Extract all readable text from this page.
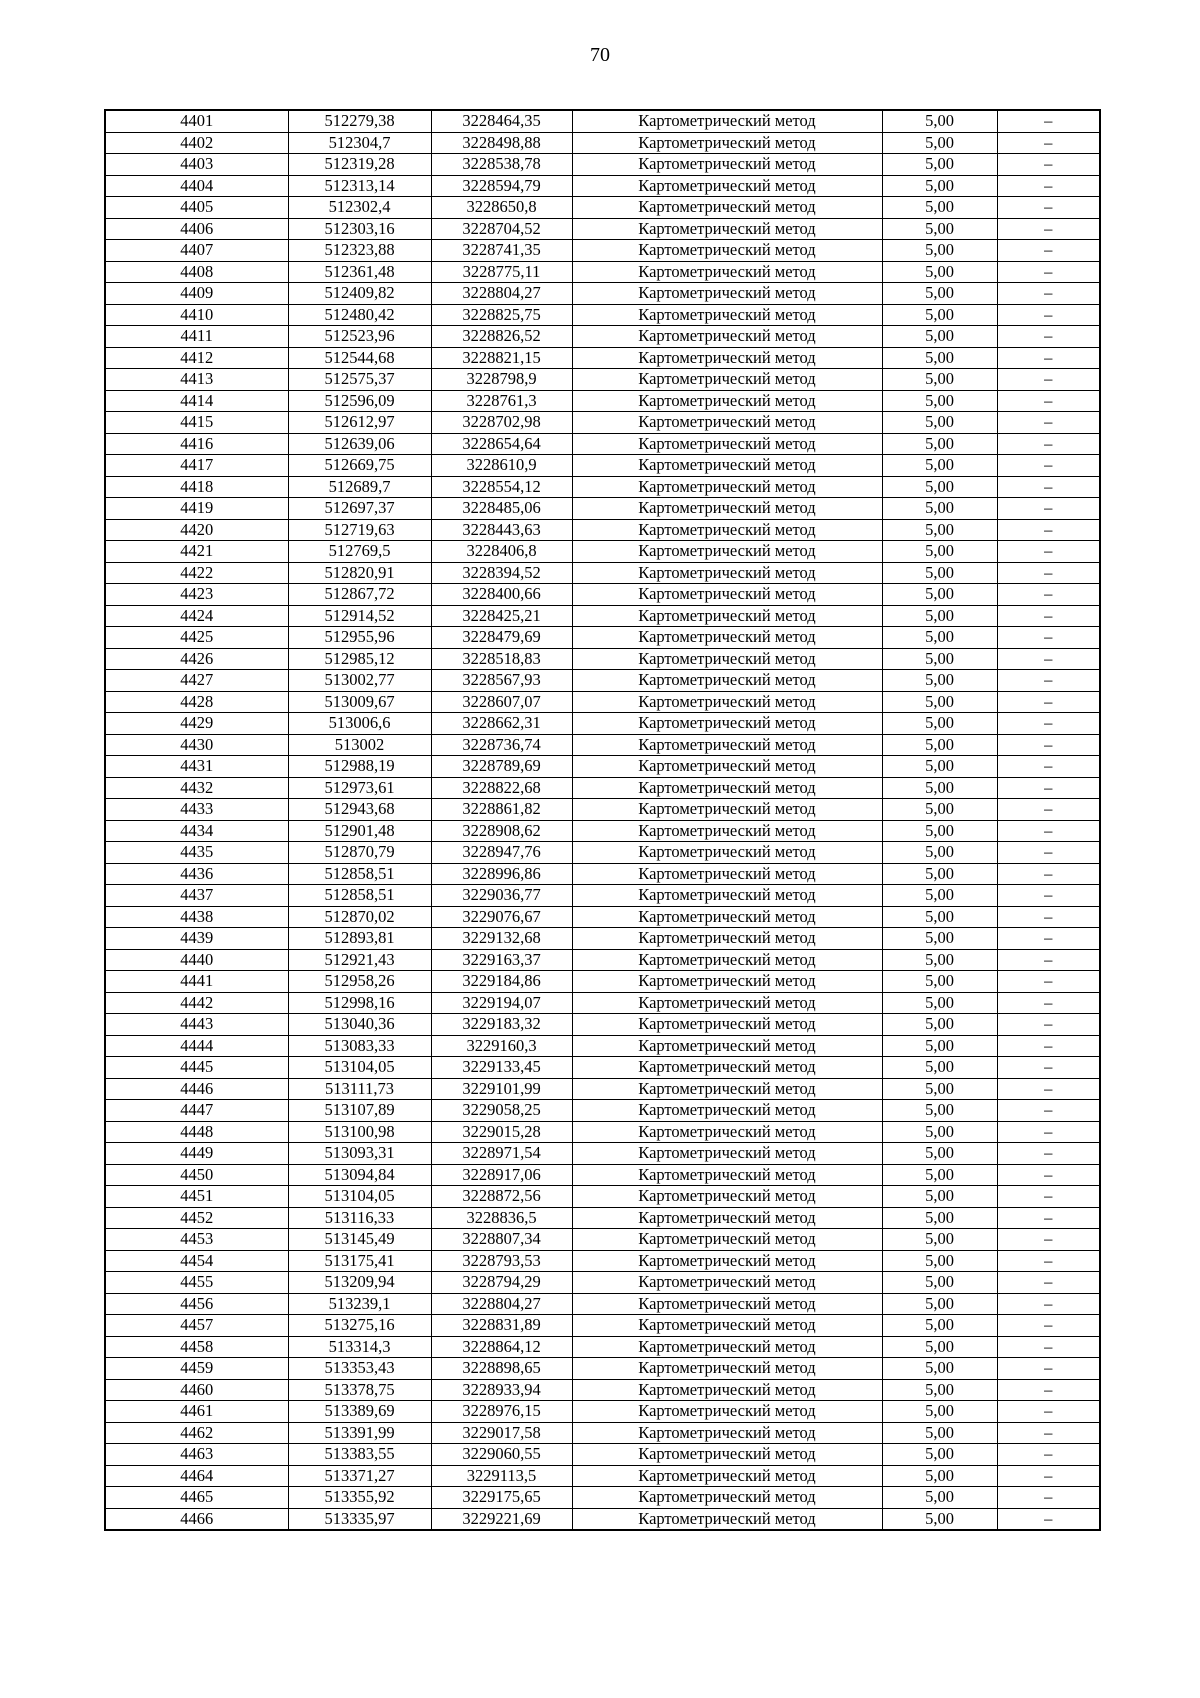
70
4401	512279,38	3228464,35	Картометрический метод	5,00	–
4402	512304,7	3228498,88	Картометрический метод	5,00	–
4403	512319,28	3228538,78	Картометрический метод	5,00	–
4404	512313,14	3228594,79	Картометрический метод	5,00	–
4405	512302,4	3228650,8	Картометрический метод	5,00	–
4406	512303,16	3228704,52	Картометрический метод	5,00	–
4407	512323,88	3228741,35	Картометрический метод	5,00	–
4408	512361,48	3228775,11	Картометрический метод	5,00	–
4409	512409,82	3228804,27	Картометрический метод	5,00	–
4410	512480,42	3228825,75	Картометрический метод	5,00	–
4411	512523,96	3228826,52	Картометрический метод	5,00	–
4412	512544,68	3228821,15	Картометрический метод	5,00	–
4413	512575,37	3228798,9	Картометрический метод	5,00	–
4414	512596,09	3228761,3	Картометрический метод	5,00	–
4415	512612,97	3228702,98	Картометрический метод	5,00	–
4416	512639,06	3228654,64	Картометрический метод	5,00	–
4417	512669,75	3228610,9	Картометрический метод	5,00	–
4418	512689,7	3228554,12	Картометрический метод	5,00	–
4419	512697,37	3228485,06	Картометрический метод	5,00	–
4420	512719,63	3228443,63	Картометрический метод	5,00	–
4421	512769,5	3228406,8	Картометрический метод	5,00	–
4422	512820,91	3228394,52	Картометрический метод	5,00	–
4423	512867,72	3228400,66	Картометрический метод	5,00	–
4424	512914,52	3228425,21	Картометрический метод	5,00	–
4425	512955,96	3228479,69	Картометрический метод	5,00	–
4426	512985,12	3228518,83	Картометрический метод	5,00	–
4427	513002,77	3228567,93	Картометрический метод	5,00	–
4428	513009,67	3228607,07	Картометрический метод	5,00	–
4429	513006,6	3228662,31	Картометрический метод	5,00	–
4430	513002	3228736,74	Картометрический метод	5,00	–
4431	512988,19	3228789,69	Картометрический метод	5,00	–
4432	512973,61	3228822,68	Картометрический метод	5,00	–
4433	512943,68	3228861,82	Картометрический метод	5,00	–
4434	512901,48	3228908,62	Картометрический метод	5,00	–
4435	512870,79	3228947,76	Картометрический метод	5,00	–
4436	512858,51	3228996,86	Картометрический метод	5,00	–
4437	512858,51	3229036,77	Картометрический метод	5,00	–
4438	512870,02	3229076,67	Картометрический метод	5,00	–
4439	512893,81	3229132,68	Картометрический метод	5,00	–
4440	512921,43	3229163,37	Картометрический метод	5,00	–
4441	512958,26	3229184,86	Картометрический метод	5,00	–
4442	512998,16	3229194,07	Картометрический метод	5,00	–
4443	513040,36	3229183,32	Картометрический метод	5,00	–
4444	513083,33	3229160,3	Картометрический метод	5,00	–
4445	513104,05	3229133,45	Картометрический метод	5,00	–
4446	513111,73	3229101,99	Картометрический метод	5,00	–
4447	513107,89	3229058,25	Картометрический метод	5,00	–
4448	513100,98	3229015,28	Картометрический метод	5,00	–
4449	513093,31	3228971,54	Картометрический метод	5,00	–
4450	513094,84	3228917,06	Картометрический метод	5,00	–
4451	513104,05	3228872,56	Картометрический метод	5,00	–
4452	513116,33	3228836,5	Картометрический метод	5,00	–
4453	513145,49	3228807,34	Картометрический метод	5,00	–
4454	513175,41	3228793,53	Картометрический метод	5,00	–
4455	513209,94	3228794,29	Картометрический метод	5,00	–
4456	513239,1	3228804,27	Картометрический метод	5,00	–
4457	513275,16	3228831,89	Картометрический метод	5,00	–
4458	513314,3	3228864,12	Картометрический метод	5,00	–
4459	513353,43	3228898,65	Картометрический метод	5,00	–
4460	513378,75	3228933,94	Картометрический метод	5,00	–
4461	513389,69	3228976,15	Картометрический метод	5,00	–
4462	513391,99	3229017,58	Картометрический метод	5,00	–
4463	513383,55	3229060,55	Картометрический метод	5,00	–
4464	513371,27	3229113,5	Картометрический метод	5,00	–
4465	513355,92	3229175,65	Картометрический метод	5,00	–
4466	513335,97	3229221,69	Картометрический метод	5,00	–
